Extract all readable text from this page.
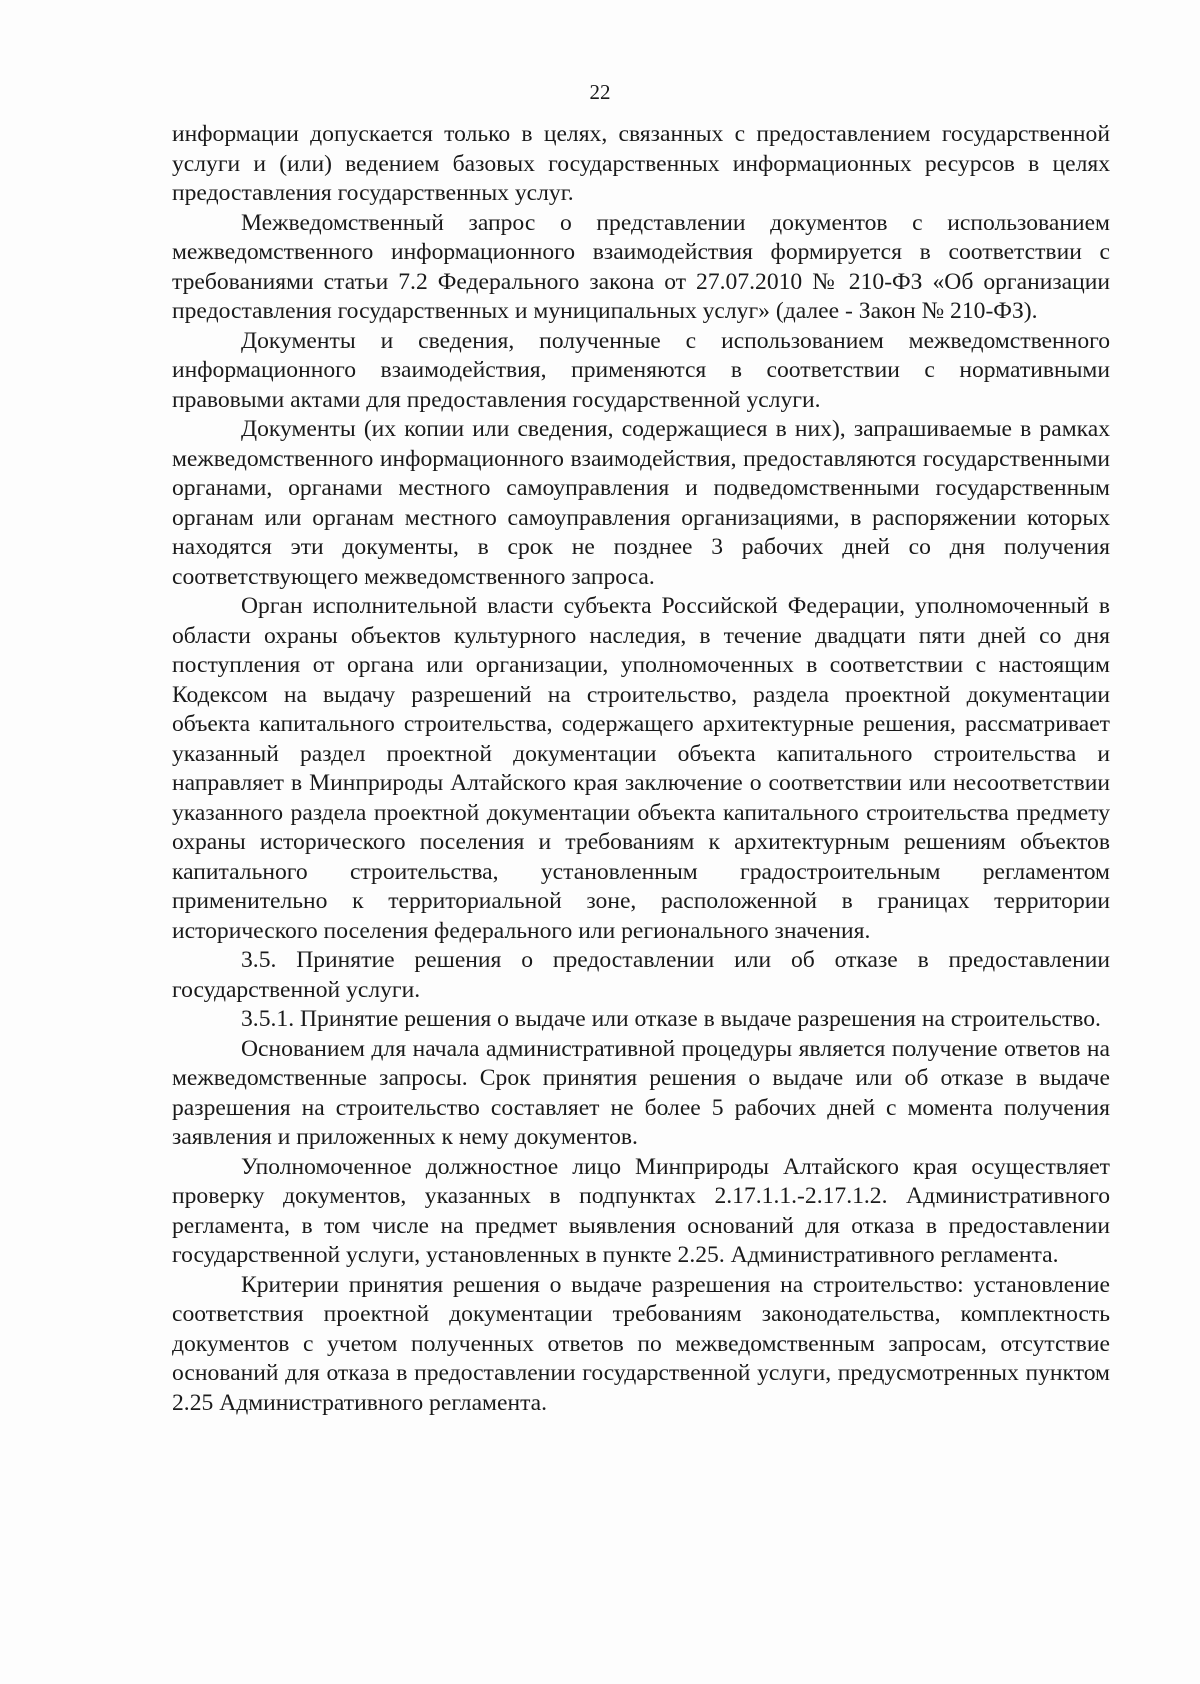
22

информации допускается только в целях, связанных с предоставлением государственной услуги и (или) ведением базовых государственных информационных ресурсов в целях предоставления государственных услуг.

Межведомственный запрос о представлении документов с использованием межведомственного информационного взаимодействия формируется в соответствии с требованиями статьи 7.2 Федерального закона от 27.07.2010 № 210-ФЗ «Об организации предоставления государственных и муниципальных услуг» (далее - Закон № 210-ФЗ).

Документы и сведения, полученные с использованием межведомственного информационного взаимодействия, применяются в соответствии с нормативными правовыми актами для предоставления государственной услуги.

Документы (их копии или сведения, содержащиеся в них), запрашиваемые в рамках межведомственного информационного взаимодействия, предоставляются государственными органами, органами местного самоуправления и подведомственными государственным органам или органам местного самоуправления организациями, в распоряжении которых находятся эти документы, в срок не позднее 3 рабочих дней со дня получения соответствующего межведомственного запроса.

Орган исполнительной власти субъекта Российской Федерации, уполномоченный в области охраны объектов культурного наследия, в течение двадцати пяти дней со дня поступления от органа или организации, уполномоченных в соответствии с настоящим Кодексом на выдачу разрешений на строительство, раздела проектной документации объекта капитального строительства, содержащего архитектурные решения, рассматривает указанный раздел проектной документации объекта капитального строительства и направляет в Минприроды Алтайского края заключение о соответствии или несоответствии указанного раздела проектной документации объекта капитального строительства предмету охраны исторического поселения и требованиям к архитектурным решениям объектов капитального строительства, установленным градостроительным регламентом применительно к территориальной зоне, расположенной в границах территории исторического поселения федерального или регионального значения.

3.5. Принятие решения о предоставлении или об отказе в предоставлении государственной услуги.

3.5.1. Принятие решения о выдаче или отказе в выдаче разрешения на строительство.

Основанием для начала административной процедуры является получение ответов на межведомственные запросы. Срок принятия решения о выдаче или об отказе в выдаче разрешения на строительство составляет не более 5 рабочих дней с момента получения заявления и приложенных к нему документов.

Уполномоченное должностное лицо Минприроды Алтайского края осуществляет проверку документов, указанных в подпунктах 2.17.1.1.-2.17.1.2. Административного регламента, в том числе на предмет выявления оснований для отказа в предоставлении государственной услуги, установленных в пункте 2.25. Административного регламента.

Критерии принятия решения о выдаче разрешения на строительство: установление соответствия проектной документации требованиям законодательства, комплектность документов с учетом полученных ответов по межведомственным запросам, отсутствие оснований для отказа в предоставлении государственной услуги, предусмотренных пунктом 2.25 Административного регламента.
